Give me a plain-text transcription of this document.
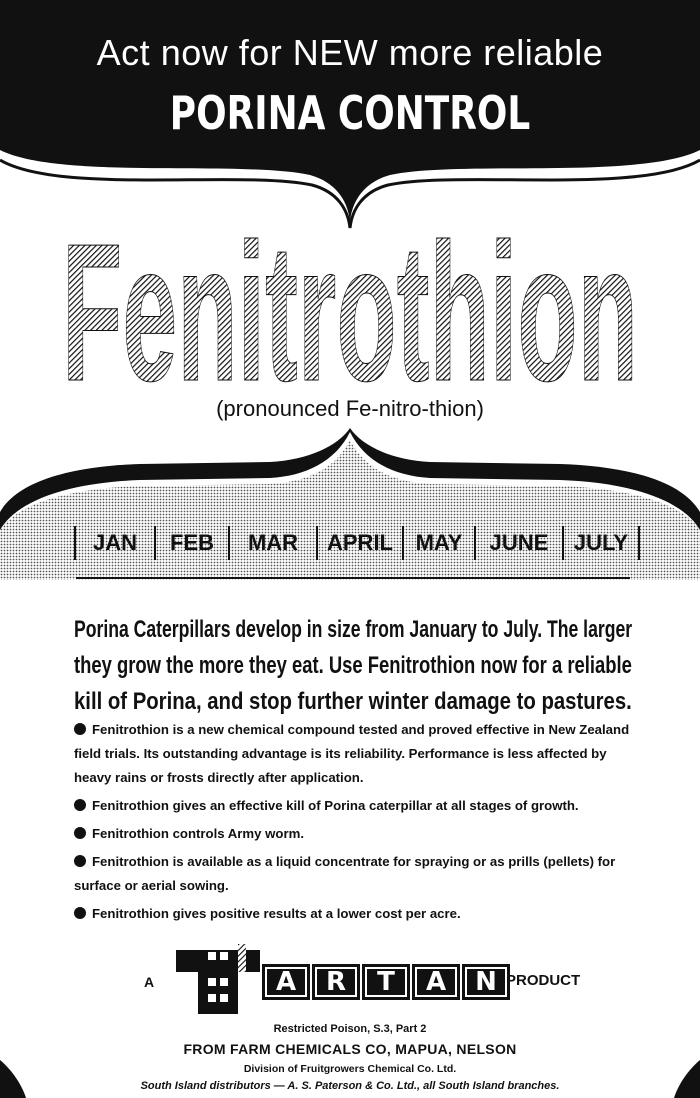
Act now for NEW more reliable
PORINA CONTROL
Fenitrothion
(pronounced Fe-nitro-thion)
JAN	FEB	MAR	APRIL	MAY	JUNE	JULY
Porina Caterpillars develop in size from January to July. The larger
they grow the more they eat. Use Fenitrothion now for a reliable
kill of Porina, and stop further winter damage to pastures.

Fenitrothion is a new chemical compound tested and proved effective in New Zealand field trials. Its outstanding advantage is its reliability. Performance is less affected by heavy rains or frosts directly after application.

Fenitrothion gives an effective kill of Porina caterpillar at all stages of growth.

Fenitrothion controls Army worm.

Fenitrothion is available as a liquid concentrate for spraying or as prills (pellets) for surface or aerial sowing.

Fenitrothion gives positive results at a lower cost per acre.

A	A	R	T	A	N PRODUCT
Restricted Poison, S.3, Part 2
FROM FARM CHEMICALS CO, MAPUA, NELSON
Division of Fruitgrowers Chemical Co. Ltd.
South Island distributors — A. S. Paterson & Co. Ltd., all South Island branches.
